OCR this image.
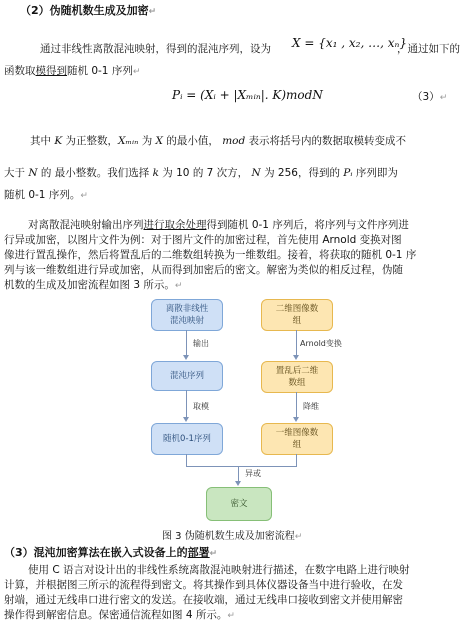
（2）伪随机数生成及加密↵
通过非线性离散混沌映射，得到的混沌序列，设为 X = {x₁ , x₂, …, xₙ}
，通过如下的
函数取模得到随机 0-1 序列↵
Pᵢ = (Xᵢ + |Xₘᵢₙ|. K)modN	（3）↵
其中 K 为正整数，Xₘᵢₙ 为 X 的最小值， mod 表示将括号内的数据取模转变成不
大于 N 的 最小整数。我们选择 k 为 10 的 7 次方， N 为 256，得到的 Pᵢ 序列即为
随机 0-1 序列。↵
对离散混沌映射输出序列进行取余处理得到随机 0-1 序列后，将序列与文件序列进
行异或加密，以图片文件为例：对于图片文件的加密过程，首先使用 Arnold 变换对图
像进行置乱操作，然后将置乱后的二维数组转换为一维数组。接着，将获取的随机 0-1 序
列与该一维数组进行异或加密，从而得到加密后的密文。解密为类似的相反过程，伪随
机数的生成及加密流程如图 3 所示。↵
离散非线性
混沌映射
混沌序列
随机0-1序列
二维图像数
组
置乱后二维
数组
一维图像数
组
密文
输出
取模
Arnold变换
降维
异或
图 3 伪随机数生成及加密流程↵
（3）混沌加密算法在嵌入式设备上的部署↵
使用 C 语言对设计出的非线性系统离散混沌映射进行描述，在数字电路上进行映射
计算，并根据图三所示的流程得到密文。将其操作到具体仪器设备当中进行验收，在发
射端，通过无线串口进行密文的发送。在接收端，通过无线串口接收到密文并使用解密
操作得到解密信息。保密通信流程如图 4 所示。↵
